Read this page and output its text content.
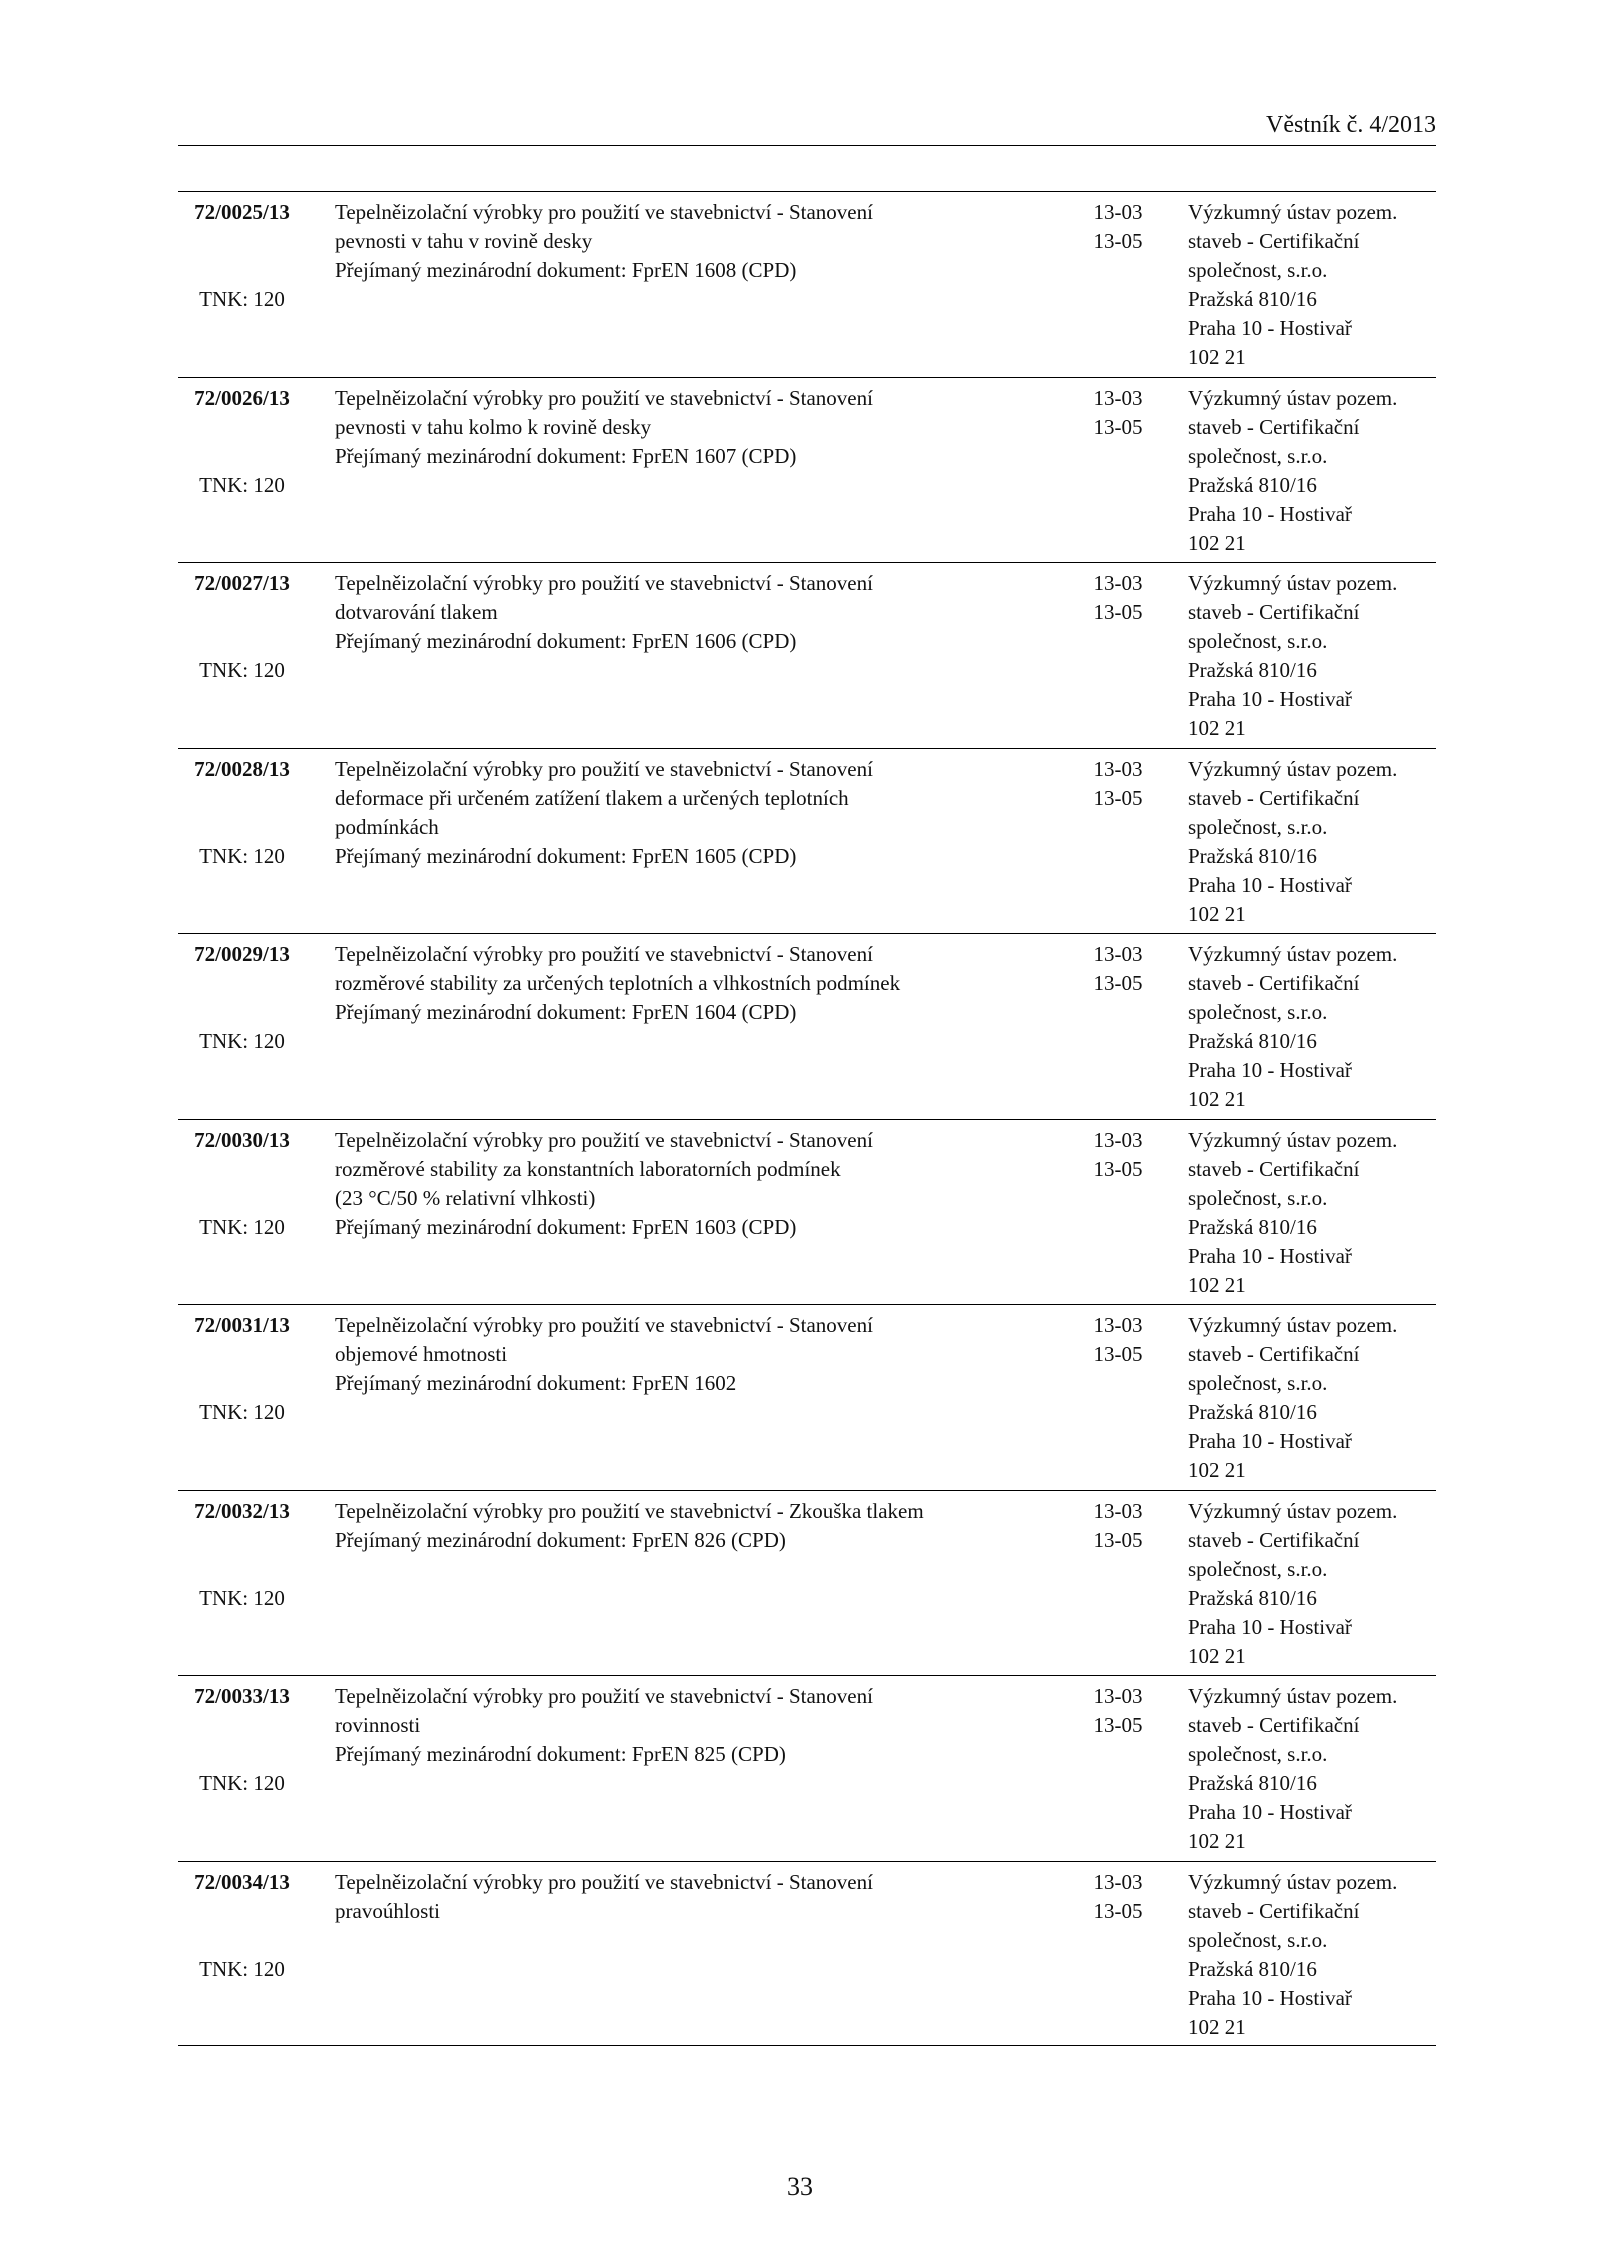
Věstník č. 4/2013
72/0025/13
TNK: 120
Tepelněizolační výrobky pro použití ve stavebnictví - Stanovení
pevnosti v tahu v rovině desky
Přejímaný mezinárodní dokument: FprEN 1608 (CPD)
13-03
13-05
Výzkumný ústav pozem.
staveb - Certifikační
společnost, s.r.o.
Pražská 810/16
Praha 10 - Hostivař
102 21
72/0026/13
TNK: 120
Tepelněizolační výrobky pro použití ve stavebnictví - Stanovení
pevnosti v tahu kolmo k rovině desky
Přejímaný mezinárodní dokument: FprEN 1607 (CPD)
13-03
13-05
Výzkumný ústav pozem.
staveb - Certifikační
společnost, s.r.o.
Pražská 810/16
Praha 10 - Hostivař
102 21
72/0027/13
TNK: 120
Tepelněizolační výrobky pro použití ve stavebnictví - Stanovení
dotvarování tlakem
Přejímaný mezinárodní dokument: FprEN 1606 (CPD)
13-03
13-05
Výzkumný ústav pozem.
staveb - Certifikační
společnost, s.r.o.
Pražská 810/16
Praha 10 - Hostivař
102 21
72/0028/13
TNK: 120
Tepelněizolační výrobky pro použití ve stavebnictví - Stanovení
deformace při určeném zatížení tlakem a určených teplotních
podmínkách
Přejímaný mezinárodní dokument: FprEN 1605 (CPD)
13-03
13-05
Výzkumný ústav pozem.
staveb - Certifikační
společnost, s.r.o.
Pražská 810/16
Praha 10 - Hostivař
102 21
72/0029/13
TNK: 120
Tepelněizolační výrobky pro použití ve stavebnictví - Stanovení
rozměrové stability za určených teplotních a vlhkostních podmínek
Přejímaný mezinárodní dokument: FprEN 1604 (CPD)
13-03
13-05
Výzkumný ústav pozem.
staveb - Certifikační
společnost, s.r.o.
Pražská 810/16
Praha 10 - Hostivař
102 21
72/0030/13
TNK: 120
Tepelněizolační výrobky pro použití ve stavebnictví - Stanovení
rozměrové stability za konstantních laboratorních podmínek
(23 °C/50 % relativní vlhkosti)
Přejímaný mezinárodní dokument: FprEN 1603 (CPD)
13-03
13-05
Výzkumný ústav pozem.
staveb - Certifikační
společnost, s.r.o.
Pražská 810/16
Praha 10 - Hostivař
102 21
72/0031/13
TNK: 120
Tepelněizolační výrobky pro použití ve stavebnictví - Stanovení
objemové hmotnosti
Přejímaný mezinárodní dokument: FprEN 1602
13-03
13-05
Výzkumný ústav pozem.
staveb - Certifikační
společnost, s.r.o.
Pražská 810/16
Praha 10 - Hostivař
102 21
72/0032/13
TNK: 120
Tepelněizolační výrobky pro použití ve stavebnictví - Zkouška tlakem
Přejímaný mezinárodní dokument: FprEN 826 (CPD)
13-03
13-05
Výzkumný ústav pozem.
staveb - Certifikační
společnost, s.r.o.
Pražská 810/16
Praha 10 - Hostivař
102 21
72/0033/13
TNK: 120
Tepelněizolační výrobky pro použití ve stavebnictví - Stanovení
rovinnosti
Přejímaný mezinárodní dokument: FprEN 825 (CPD)
13-03
13-05
Výzkumný ústav pozem.
staveb - Certifikační
společnost, s.r.o.
Pražská 810/16
Praha 10 - Hostivař
102 21
72/0034/13
TNK: 120
Tepelněizolační výrobky pro použití ve stavebnictví - Stanovení
pravoúhlosti
13-03
13-05
Výzkumný ústav pozem.
staveb - Certifikační
společnost, s.r.o.
Pražská 810/16
Praha 10 - Hostivař
102 21
33
